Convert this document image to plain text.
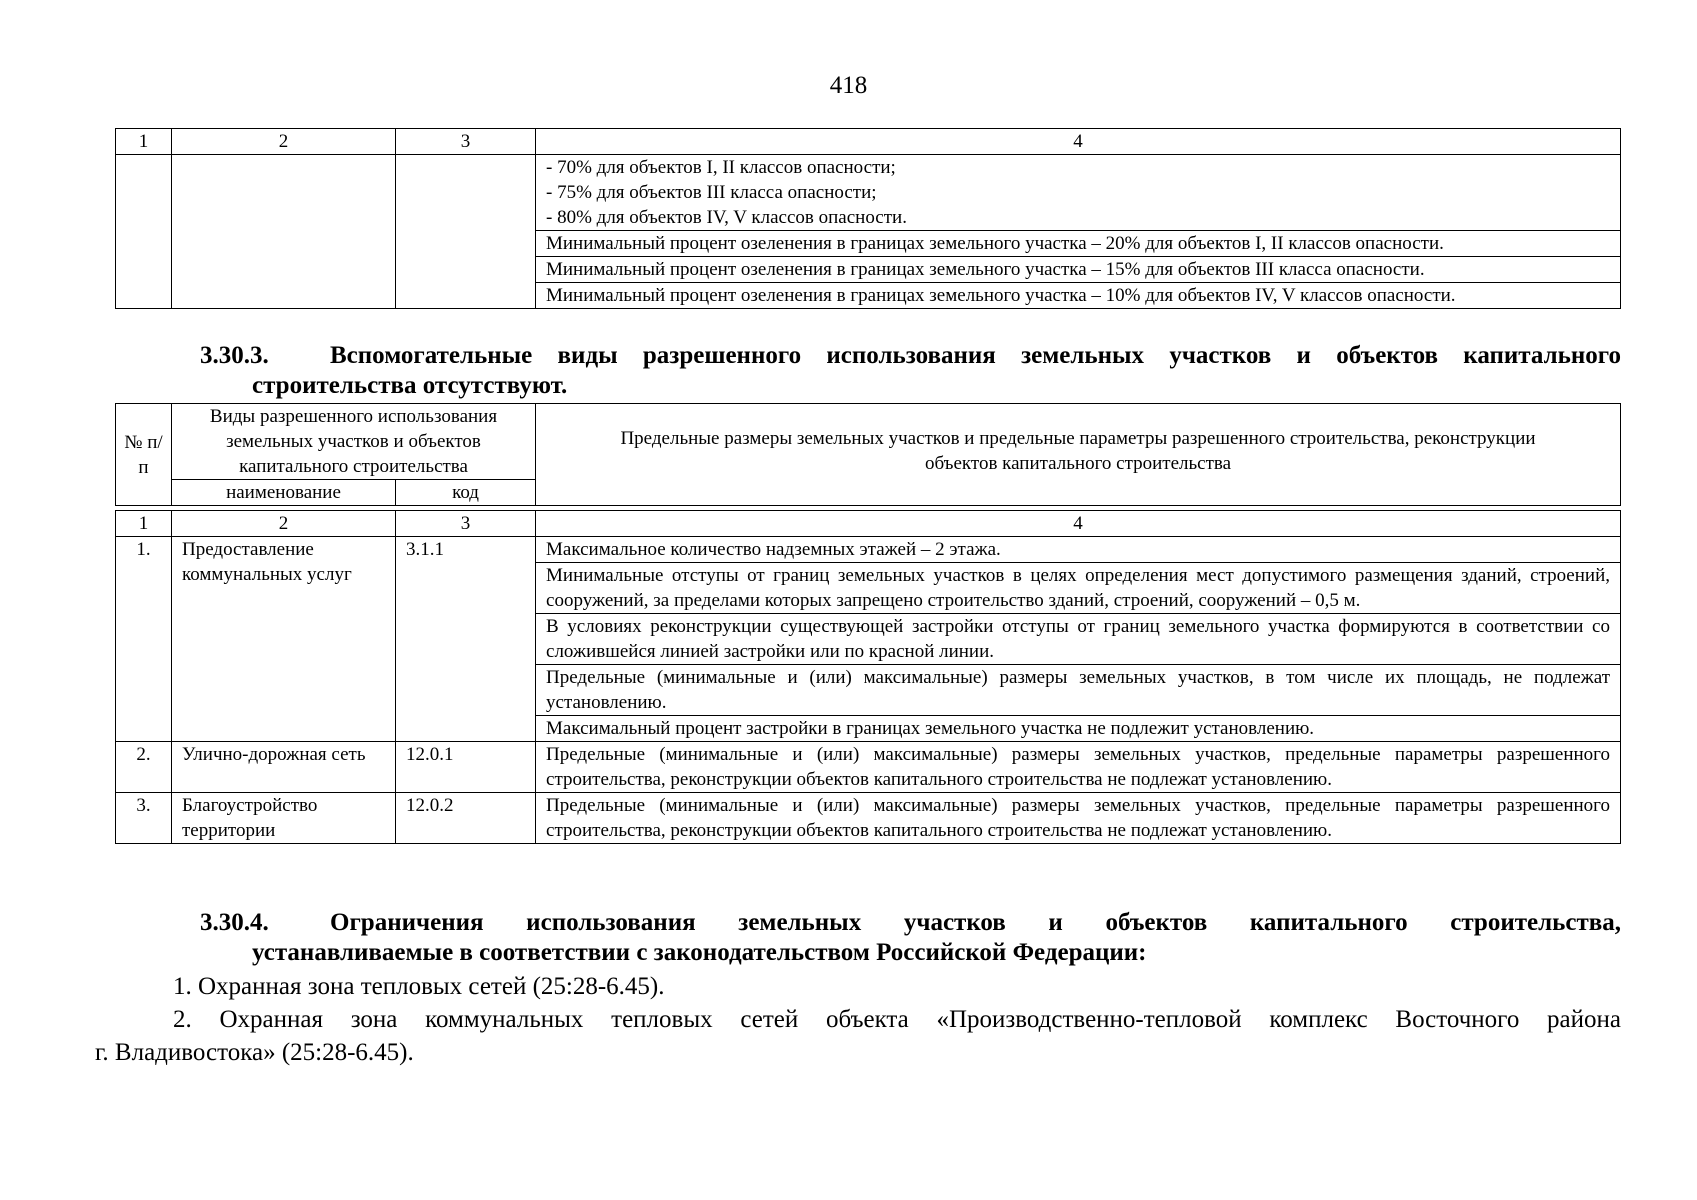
418
1	2	3	4

			- 70% для объектов I, II классов опасности;
- 75% для объектов III класса опасности;
- 80% для объектов IV, V классов опасности.

			Минимальный процент озеленения в границах земельного участка – 20% для объектов I, II классов опасности.
			Минимальный процент озеленения в границах земельного участка – 15% для объектов III класса опасности.
			Минимальный процент озеленения в границах земельного участка – 10% для объектов IV, V классов опасности.
3.30.3. Вспомогательные виды разрешенного использования земельных участков и объектов капитального
строительства отсутствуют.
№ п/п	Виды разрешенного использования земельных участков и объектов капитального строительства		Предельные размеры земельных участков и предельные параметры разрешенного строительства, реконструкции объектов капитального строительства
	наименование	код	

1	2	3	4
1.	Предоставление коммунальных услуг	3.1.1	Максимальное количество надземных этажей – 2 этажа.
			Минимальные отступы от границ земельных участков в целях определения мест допустимого размещения зданий, строений, сооружений, за пределами которых запрещено строительство зданий, строений, сооружений – 0,5 м.
			В условиях реконструкции существующей застройки отступы от границ земельного участка формируются в соответствии со сложившейся линией застройки или по красной линии.
			Предельные (минимальные и (или) максимальные) размеры земельных участков, в том числе их площадь, не подлежат установлению.
			Максимальный процент застройки в границах земельного участка не подлежит установлению.
2.	Улично-дорожная сеть	12.0.1	Предельные (минимальные и (или) максимальные) размеры земельных участков, предельные параметры разрешенного строительства, реконструкции объектов капитального строительства не подлежат установлению.
3.	Благоустройство территории	12.0.2	Предельные (минимальные и (или) максимальные) размеры земельных участков, предельные параметры разрешенного строительства, реконструкции объектов капитального строительства не подлежат установлению.
3.30.4. Ограничения использования земельных участков и объектов капитального строительства,
устанавливаемые в соответствии с законодательством Российской Федерации:
1. Охранная зона тепловых сетей (25:28-6.45).
2. Охранная зона коммунальных тепловых сетей объекта «Производственно-тепловой комплекс Восточного района
г. Владивостока» (25:28-6.45).
